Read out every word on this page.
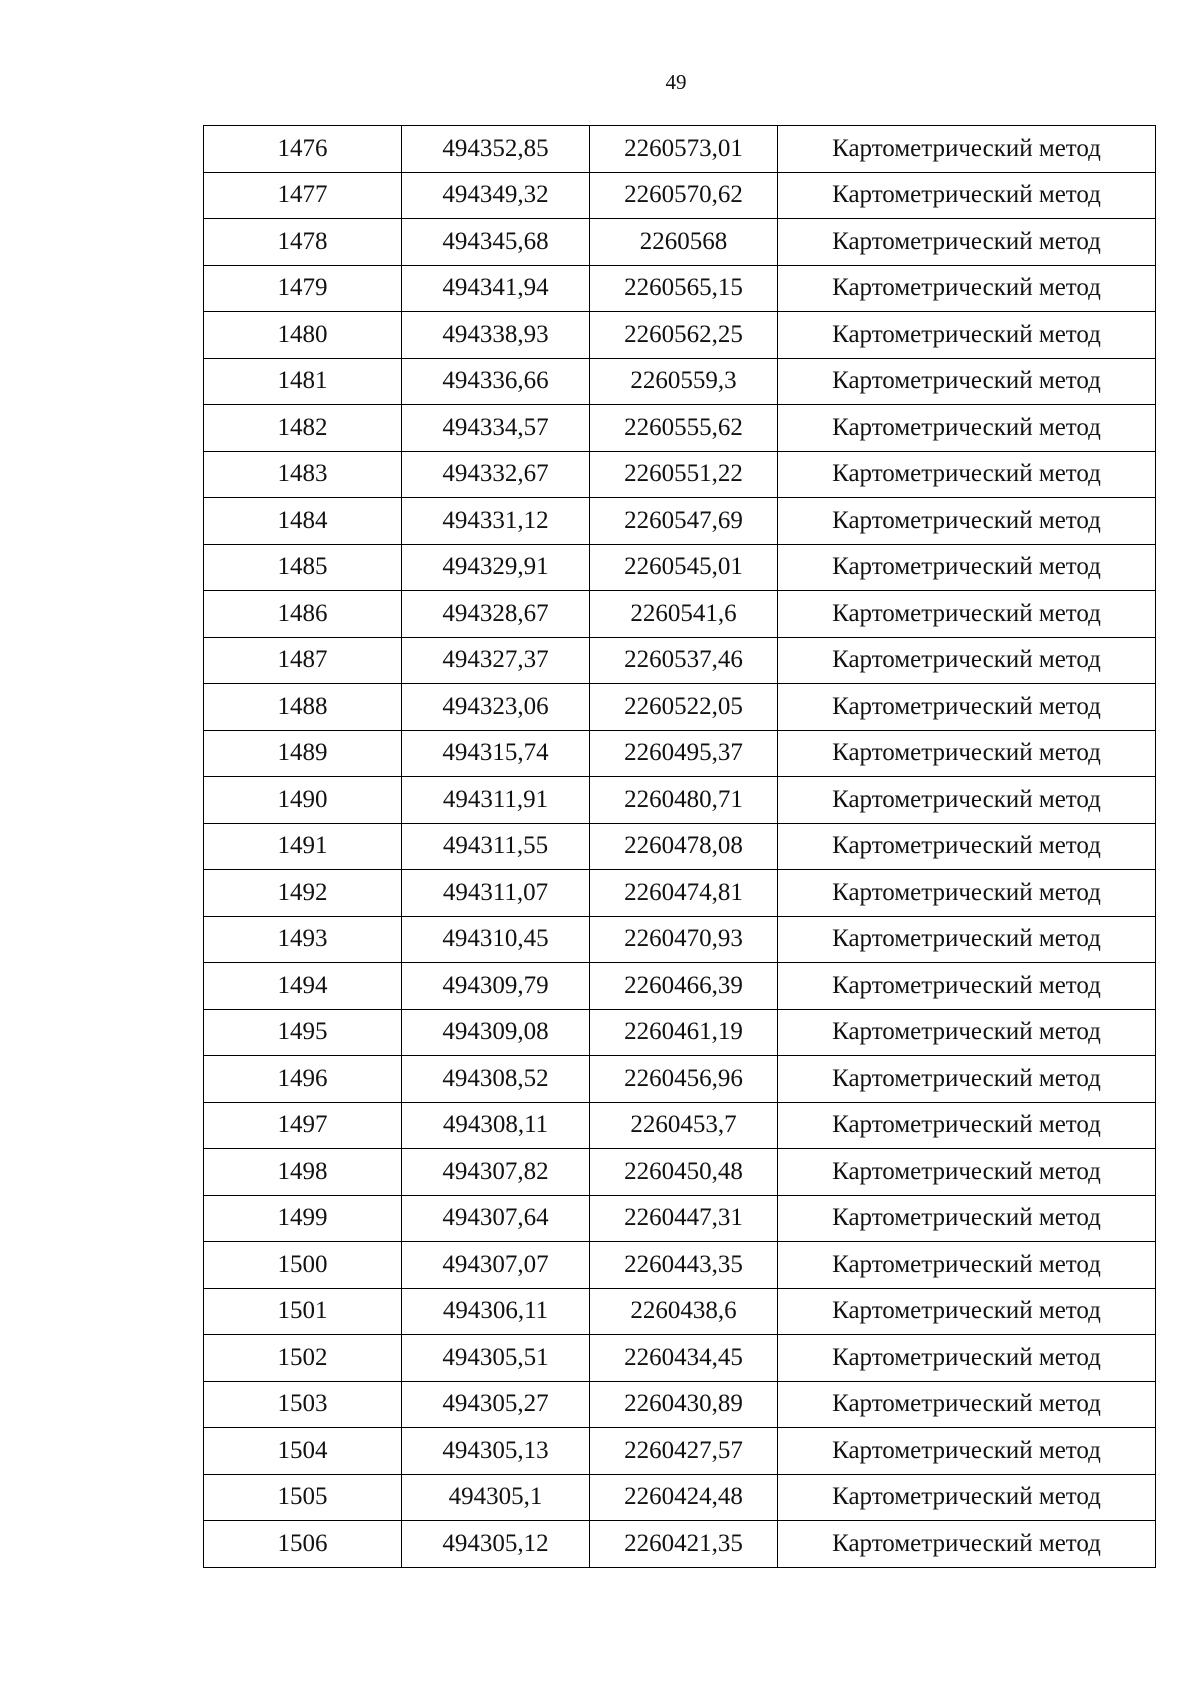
49
1476	494352,85	2260573,01	Картометрический метод
1477	494349,32	2260570,62	Картометрический метод
1478	494345,68	2260568	Картометрический метод
1479	494341,94	2260565,15	Картометрический метод
1480	494338,93	2260562,25	Картометрический метод
1481	494336,66	2260559,3	Картометрический метод
1482	494334,57	2260555,62	Картометрический метод
1483	494332,67	2260551,22	Картометрический метод
1484	494331,12	2260547,69	Картометрический метод
1485	494329,91	2260545,01	Картометрический метод
1486	494328,67	2260541,6	Картометрический метод
1487	494327,37	2260537,46	Картометрический метод
1488	494323,06	2260522,05	Картометрический метод
1489	494315,74	2260495,37	Картометрический метод
1490	494311,91	2260480,71	Картометрический метод
1491	494311,55	2260478,08	Картометрический метод
1492	494311,07	2260474,81	Картометрический метод
1493	494310,45	2260470,93	Картометрический метод
1494	494309,79	2260466,39	Картометрический метод
1495	494309,08	2260461,19	Картометрический метод
1496	494308,52	2260456,96	Картометрический метод
1497	494308,11	2260453,7	Картометрический метод
1498	494307,82	2260450,48	Картометрический метод
1499	494307,64	2260447,31	Картометрический метод
1500	494307,07	2260443,35	Картометрический метод
1501	494306,11	2260438,6	Картометрический метод
1502	494305,51	2260434,45	Картометрический метод
1503	494305,27	2260430,89	Картометрический метод
1504	494305,13	2260427,57	Картометрический метод
1505	494305,1	2260424,48	Картометрический метод
1506	494305,12	2260421,35	Картометрический метод
